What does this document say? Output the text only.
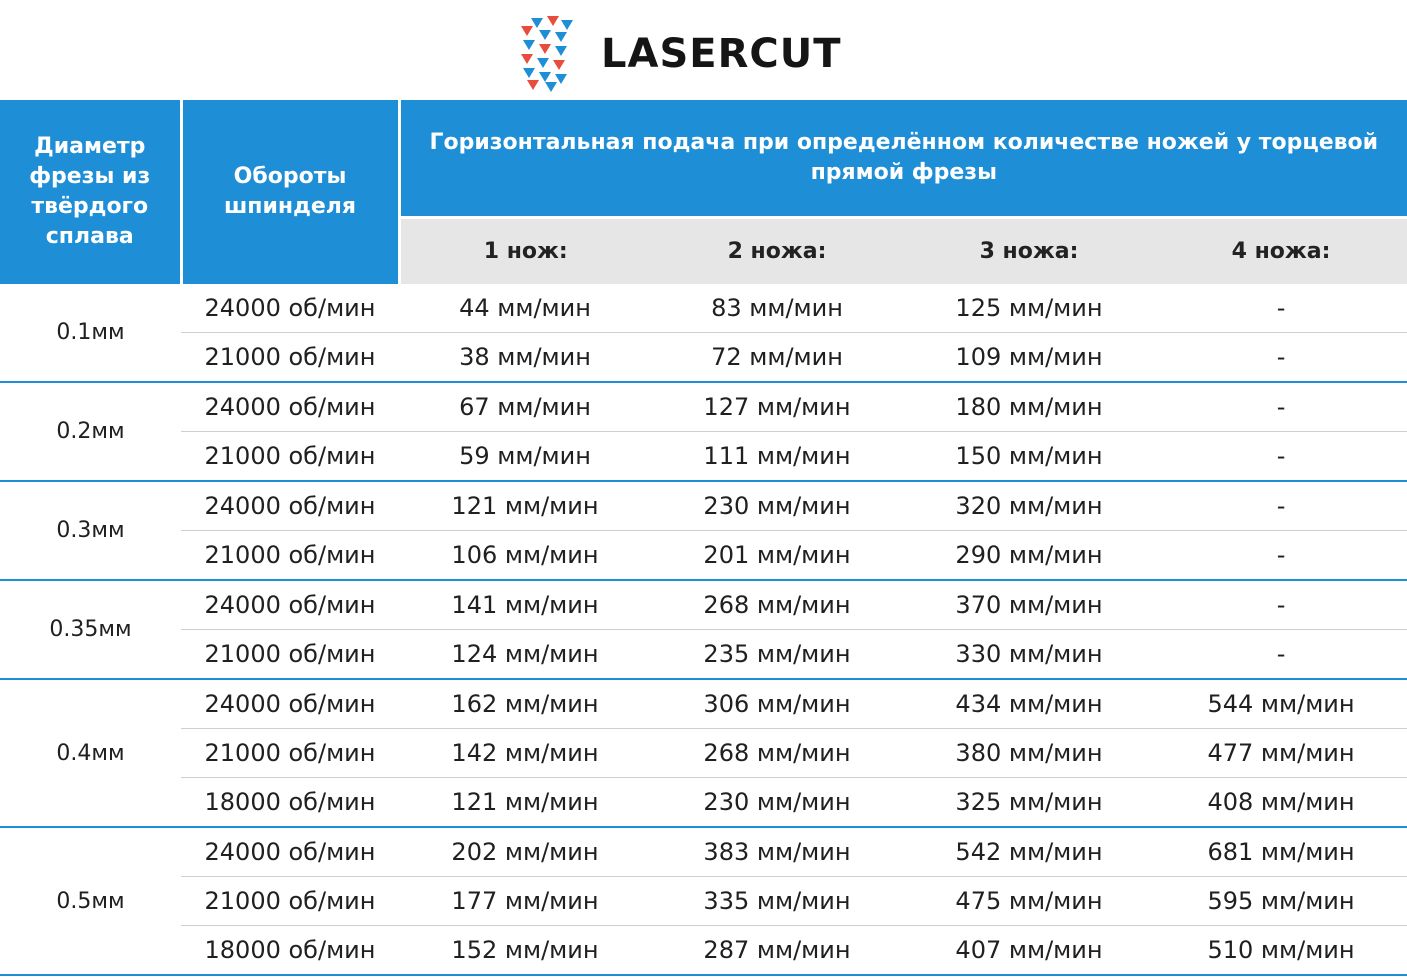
LASERCUT
Диаметр фрезы из твёрдого сплава	Обороты шпинделя	Горизонтальная подача при определённом количестве ножей у торцевой прямой фрезы			
		1 нож:	2 ножа:	3 ножа:	4 ножа:
0.1мм	24000 об/мин	44 мм/мин	83 мм/мин	125 мм/мин	-
	21000 об/мин	38 мм/мин	72 мм/мин	109 мм/мин	-
0.2мм	24000 об/мин	67 мм/мин	127 мм/мин	180 мм/мин	-
	21000 об/мин	59 мм/мин	111 мм/мин	150 мм/мин	-
0.3мм	24000 об/мин	121 мм/мин	230 мм/мин	320 мм/мин	-
	21000 об/мин	106 мм/мин	201 мм/мин	290 мм/мин	-
0.35мм	24000 об/мин	141 мм/мин	268 мм/мин	370 мм/мин	-
	21000 об/мин	124 мм/мин	235 мм/мин	330 мм/мин	-
0.4мм	24000 об/мин	162 мм/мин	306 мм/мин	434 мм/мин	544 мм/мин
	21000 об/мин	142 мм/мин	268 мм/мин	380 мм/мин	477 мм/мин
	18000 об/мин	121 мм/мин	230 мм/мин	325 мм/мин	408 мм/мин
0.5мм	24000 об/мин	202 мм/мин	383 мм/мин	542 мм/мин	681 мм/мин
	21000 об/мин	177 мм/мин	335 мм/мин	475 мм/мин	595 мм/мин
	18000 об/мин	152 мм/мин	287 мм/мин	407 мм/мин	510 мм/мин
